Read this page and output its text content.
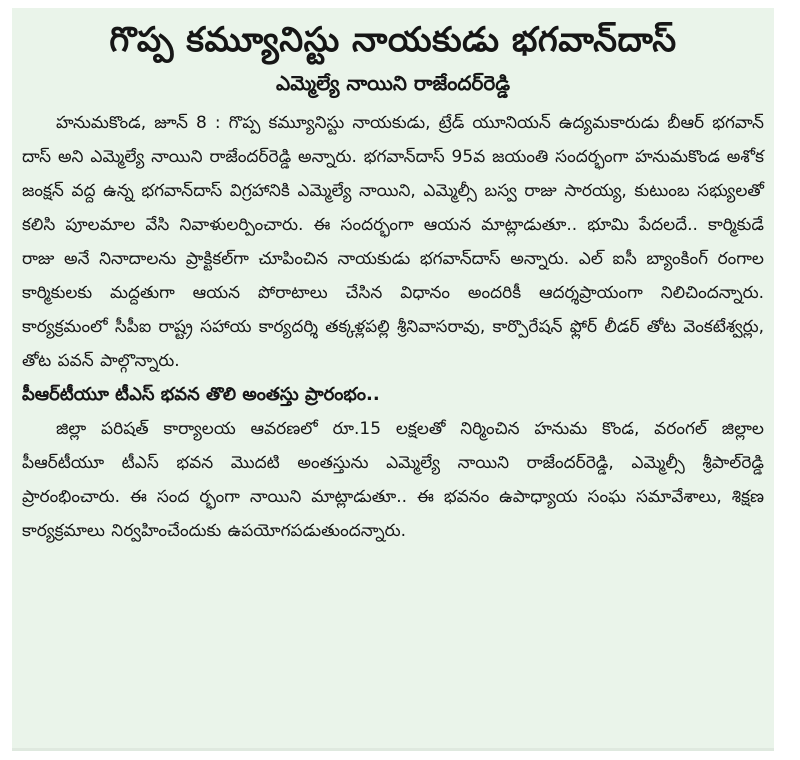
గొప్ప కమ్యూనిస్టు నాయకుడు భగవాన్‌దాస్
ఎమ్మెల్యే నాయిని రాజేందర్‌రెడ్డి

హనుమకొండ, జూన్ 8 : గొప్ప కమ్యూనిస్టు నాయకుడు, ట్రేడ్ యూనియన్ ఉద్యమకారుడు బీఆర్ భగవాన్ దాస్ అని ఎమ్మెల్యే నాయిని రాజేందర్‌రెడ్డి అన్నారు. భగవాన్‌దాస్ 95వ జయంతి సందర్భంగా హనుమకొండ అశోక జంక్షన్ వద్ద ఉన్న భగవాన్‌దాస్ విగ్రహానికి ఎమ్మెల్యే నాయిని, ఎమ్మెల్సీ బస్వ రాజు సారయ్య, కుటుంబ సభ్యులతో కలిసి పూలమాల వేసి నివాళులర్పించారు. ఈ సందర్భంగా ఆయన మాట్లాడుతూ.. భూమి పేదలదే.. కార్మికుడే రాజు అనే నినాదాలను ప్రాక్టికల్‌గా చూపించిన నాయకుడు భగవాన్‌దాస్ అన్నారు. ఎల్ ఐసీ బ్యాంకింగ్ రంగాల కార్మికులకు మద్దతుగా ఆయన పోరాటాలు చేసిన విధానం అందరికీ ఆదర్శప్రాయంగా నిలిచిందన్నారు. కార్యక్రమంలో సీపీఐ రాష్ట్ర సహాయ కార్యదర్శి తక్కళ్లపల్లి శ్రీనివాసరావు, కార్పొరేషన్ ఫ్లోర్ లీడర్ తోట వెంకటేశ్వర్లు, తోట పవన్ పాల్గొన్నారు.

పీఆర్‌టీయూ టీఎస్ భవన తొలి అంతస్తు ప్రారంభం..

జిల్లా పరిషత్ కార్యాలయ ఆవరణలో రూ.15 లక్షలతో నిర్మించిన హనుమ కొండ, వరంగల్ జిల్లాల పీఆర్‌టీయూ టీఎస్ భవన మొదటి అంతస్తును ఎమ్మెల్యే నాయిని రాజేందర్‌రెడ్డి, ఎమ్మెల్సీ శ్రీపాల్‌రెడ్డి ప్రారంభించారు. ఈ సంద ర్భంగా నాయిని మాట్లాడుతూ.. ఈ భవనం ఉపాధ్యాయ సంఘ సమావేశాలు, శిక్షణ కార్యక్రమాలు నిర్వహించేందుకు ఉపయోగపడుతుందన్నారు.
